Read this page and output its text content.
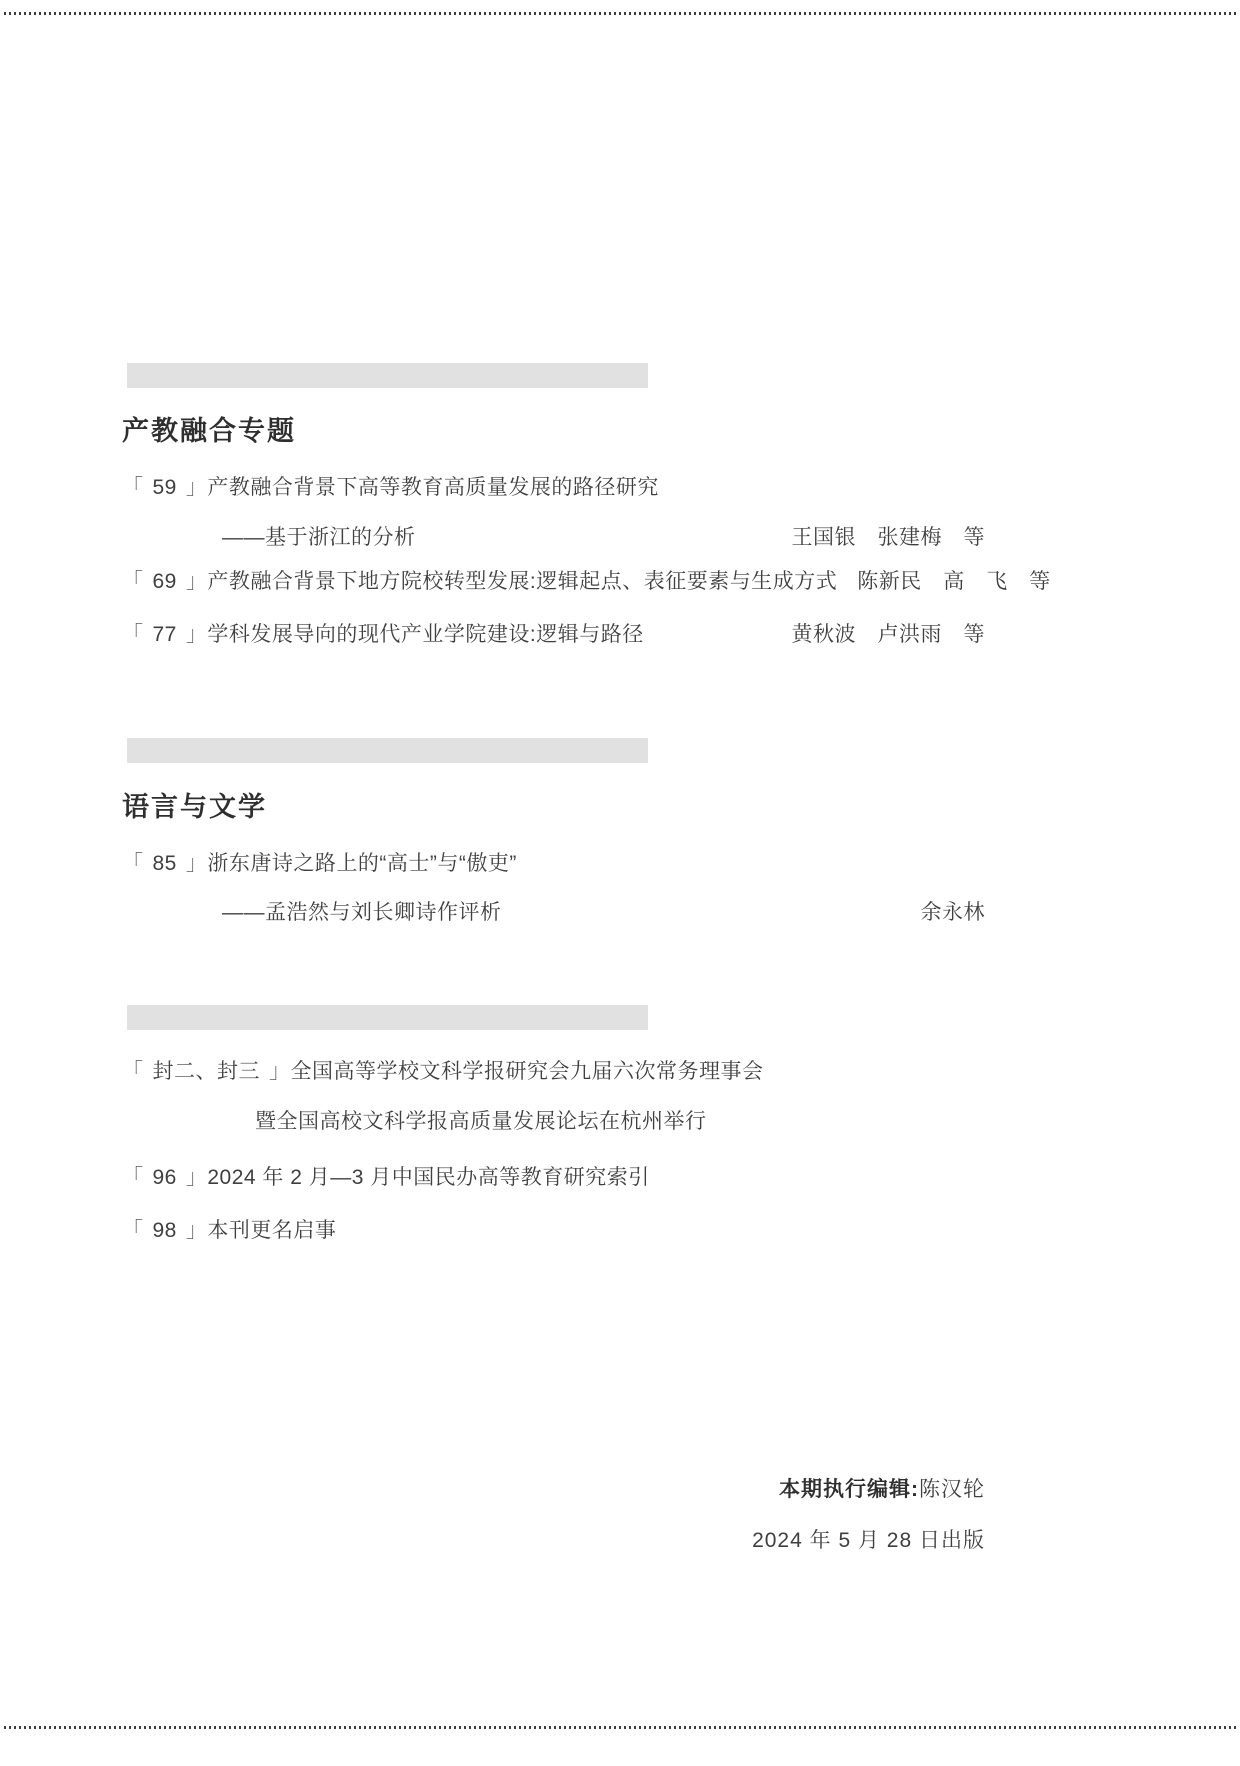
产教融合专题
「 59 」产教融合背景下高等教育高质量发展的路径研究
——基于浙江的分析	王国银　张建梅　等
「 69 」产教融合背景下地方院校转型发展:逻辑起点、表征要素与生成方式 陈新民　高　飞　等
「 77 」学科发展导向的现代产业学院建设:逻辑与路径	黄秋波　卢洪雨　等
语言与文学
「 85 」浙东唐诗之路上的“高士”与“傲吏”
——孟浩然与刘长卿诗作评析	余永林
「 封二、封三 」全国高等学校文科学报研究会九届六次常务理事会
暨全国高校文科学报高质量发展论坛在杭州举行
「 96 」2024 年 2 月—3 月中国民办高等教育研究索引
「 98 」本刊更名启事
本期执行编辑:陈汉轮
2024 年 5 月 28 日出版
